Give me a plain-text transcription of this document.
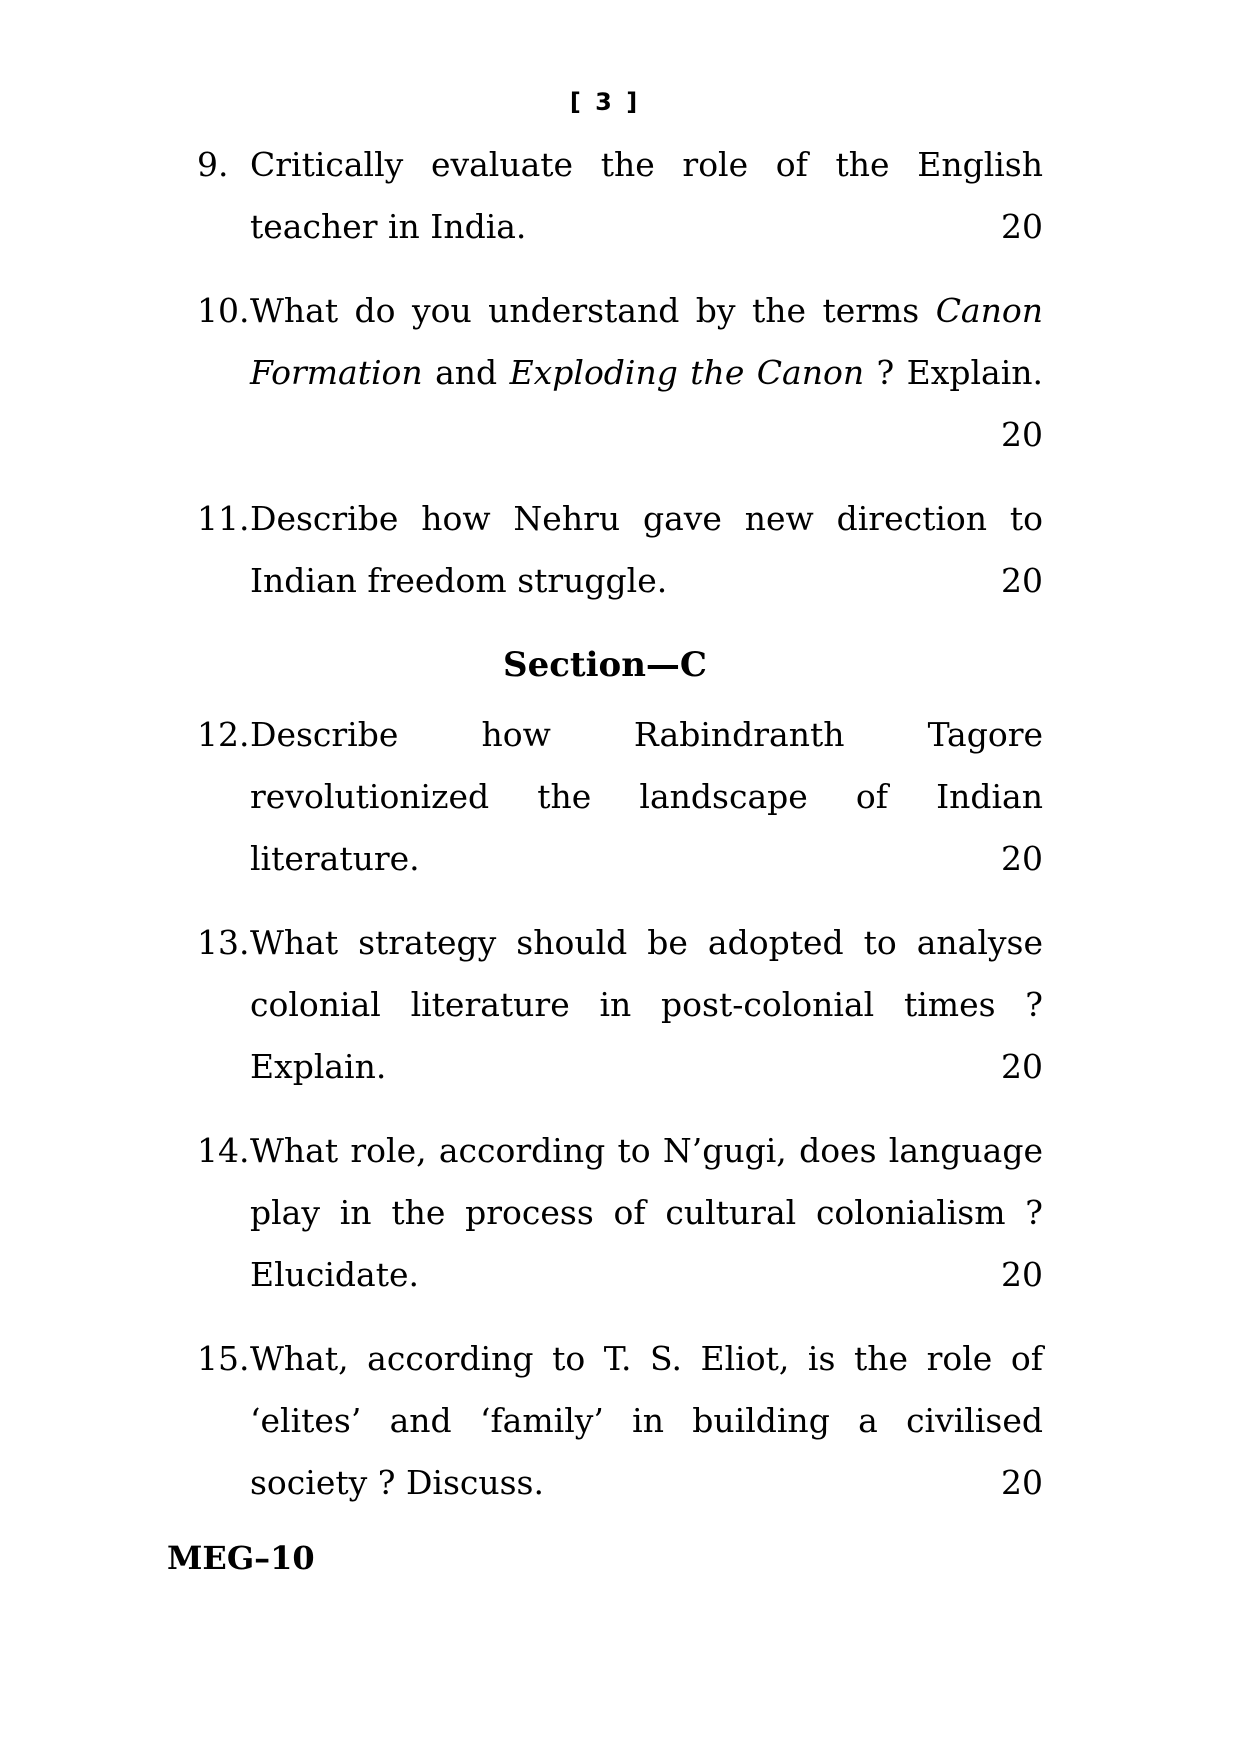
[ 3 ]
9. Critically evaluate the role of the English
teacher in India.	20
10. What do you understand by the terms Canon
Formation and Exploding the Canon ? Explain.
20
11. Describe how Nehru gave new direction to
Indian freedom struggle.	20
Section—C
12. Describe how Rabindranth Tagore
revolutionized the landscape of Indian
literature.	20
13. What strategy should be adopted to analyse
colonial literature in post-colonial times ?
Explain.	20
14. What role, according to N’gugi, does language
play in the process of cultural colonialism ?
Elucidate.	20
15. What, according to T. S. Eliot, is the role of
‘elites’ and ‘family’ in building a civilised
society ? Discuss.	20
MEG–10
